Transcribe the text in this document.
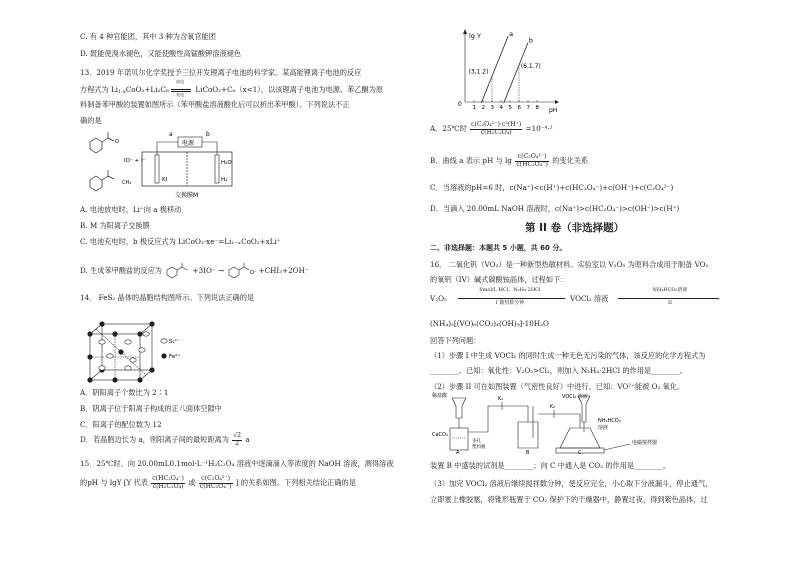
C. 有 4 种官能团，其中 3 种为含氧官能团
D. 既能使溴水褪色，又能使酸性高锰酸钾溶液褪色
13．2019 年诺贝尔化学奖授予三位开发锂离子电池的科学家。某高能锂离子电池的反应
方程式为 $Li_{1-x}CoO_2+Li_2C_6$
放电
充电
LiCoO₂+C₆（x<1），以该锂离子电池为电源、苯乙酮为原
料制备苯甲酸的装置如图所示（苯甲酸盐溶液酸化后可以析出苯甲酸）。下列说法不正
确的是
O	电源
a	b
IO⁻ + I⁻
KI
CH₃
H₂O
H₂
交换膜M
A. 电池放电时，Li⁺向 a 极移动
B. M 为阳离子交换膜
C. 电池充电时，b 极反应式为 LiCoO₂-xe⁻=Li₁₋ₓCoO₂+xLi⁺
D. 生成苯甲酸盐的反应为	+3IO⁻ →	O⁻ +CHI₃+2OH⁻
14． FeS₂ 晶体的晶胞结构图所示。下列说法正确的是
S₂²⁻
Fe²⁺
A．阴阳离子个数比为 2∶1
B．阴离子位于阳离子构成的正八面体空隙中
C．阳离子的配位数为 12
D．若晶胞边长为 a，则阳离子间的最短距离为 $\frac{√2}{2}$ a
15．25℃时，向 20.00mL0.1mol·L⁻¹H₂C₂O₄ 溶液中逐滴滴入等浓度的 NaOH 溶液，测得溶液
的pH 与 lgY [Y 代表 $\frac{\text{c(HC₂O₄⁻)}}{\text{c(H₂C₂O₄)}}$ 或 $\frac{\text{c(C₂O₄²⁻)}}{\text{c(HC₂O₄⁻)}}$ ] 的关系如图。下列相关结论正确的是
lg Y
pH
0 1 2 3 4 5 6 7 8
a
b
(3,1.2)
(6,1.7)
A．25℃时 $\frac{\text{c(C₂O₄²⁻)·c²(H⁺)}}{\text{c(H₂C₂O₄)}} =10^{-4}\cdot^2$
B．曲线 a 表示 pH 与 $\lg \frac{\text{c(C₂O₄²⁻)}}{\text{c(HC₂O₄⁻)}}$ 的变化关系
C．当溶液的pH=6 时，c(Na⁺)<c(H⁺)+c(HC₂O₄⁻)+c(OH⁻)+c(C₂O₄²⁻)
D．当滴入 20.00mL NaOH 溶液时，c(Na⁺)>c(HC₂O₄⁻)>c(OH⁻)>c(H⁺)
第 II 卷（非选择题）
二、非选择题：本题共 5 小题，共 60 分。
16． 二氧化钒（VO₂）是一种新型热敏材料。实验室以 V₂O₅ 为原料合成用于制备 VO₂
的氧钒（IV）碱式碳酸铵晶体，过程如下：
V₂O₅
6mol/L HCl、N₂H₄·2HCl
→
I 微热数分钟	VOCl₂ 溶液
NH₄HCO₃溶液
→
II
(NH₄)₅[(VO)₆(CO₃)₄(OH)₉]·10H₂O
回答下列问题：
（1）步骤 I 中生成 VOCl₂ 的同时生成一种无色无污染的气体，该反应的化学方程式为
________。已知：氧化性：V₂O₅>Cl₂，则加入 N₂H₄·2HCl 的作用是________。
（2）步骤 II 可在如图装置（气密性良好）中进行。已知：VO²⁺能被 O₂ 氧化。
稀盐酸
CaCO₃
K₁
K₂
VOCl₂ 溶液
NH₄HCO₃
溶液
电磁搅拌器
多孔
塑料板
A	B	C
装置 B 中盛装的试剂是________；向 C 中通入是 CO₂ 的作用是________。
（3）加完 VOCl₂ 溶液后继续搅拌数分钟，使反应完全，小心取下分液漏斗，停止通气，
立即塞上橡胶塞，将锥形瓶置于 CO₂ 保护下的干燥器中，静置过夜，得到紫色晶体，过
